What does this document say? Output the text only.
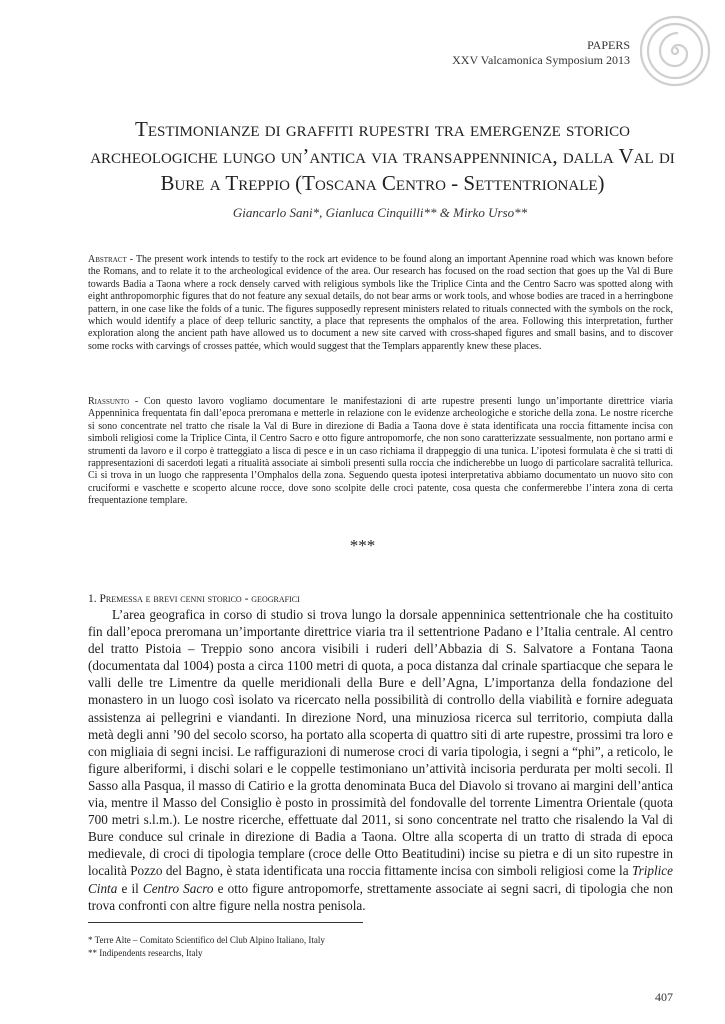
PAPERS
XXV Valcamonica Symposium 2013
Testimonianze di graffiti rupestri tra emergenze storico archeologiche lungo un’antica via transappenninica, dalla Val di Bure a Treppio (Toscana Centro - Settentrionale)
Giancarlo Sani*, Gianluca Cinquilli** & Mirko Urso**
Abstract - The present work intends to testify to the rock art evidence to be found along an important Apennine road which was known before the Romans, and to relate it to the archeological evidence of the area. Our research has focused on the road section that goes up the Val di Bure towards Badia a Taona where a rock densely carved with religious symbols like the Triplice Cinta and the Centro Sacro was spotted along with eight anthropomorphic figures that do not feature any sexual details, do not bear arms or work tools, and whose bodies are traced in a herringbone pattern, in one case like the folds of a tunic. The figures supposedly represent ministers related to rituals connected with the symbols on the rock, which would identify a place of deep telluric sanctity, a place that represents the omphalos of the area. Following this interpretation, further exploration along the ancient path have allowed us to document a new site carved with cross-shaped figures and small basins, and to discover some rocks with carvings of crosses pattée, which would suggest that the Templars apparently knew these places.
Riassunto - Con questo lavoro vogliamo documentare le manifestazioni di arte rupestre presenti lungo un’importante direttrice viaria Appenninica frequentata fin dall’epoca preromana e metterle in relazione con le evidenze archeologiche e storiche della zona. Le nostre ricerche si sono concentrate nel tratto che risale la Val di Bure in direzione di Badia a Taona dove è stata identificata una roccia fittamente incisa con simboli religiosi come la Triplice Cinta, il Centro Sacro e otto figure antropomorfe, che non sono caratterizzate sessualmente, non portano armi e strumenti da lavoro e il corpo è tratteggiato a lisca di pesce e in un caso richiama il drappeggio di una tunica. L’ipotesi formulata è che si tratti di rappresentazioni di sacerdoti legati a ritualità associate ai simboli presenti sulla roccia che indicherebbe un luogo di particolare sacralità tellurica. Ci si trova in un luogo che rappresenta l’Omphalos della zona. Seguendo questa ipotesi interpretativa abbiamo documentato un nuovo sito con cruciformi e vaschette e scoperto alcune rocce, dove sono scolpite delle croci patente, cosa questa che confermerebbe l’intera zona di certa frequentazione templare.
***
1. Premessa e brevi cenni storico - geografici

L’area geografica in corso di studio si trova lungo la dorsale appenninica settentrionale che ha costituito fin dall’epoca preromana un’importante direttrice viaria tra il settentrione Padano e l’Italia centrale. Al centro del tratto Pistoia – Treppio sono ancora visibili i ruderi dell’Abbazia di S. Salvatore a Fontana Taona (documentata dal 1004) posta a circa 1100 metri di quota, a poca distanza dal crinale spartiacque che separa le valli delle tre Limentre da quelle meridionali della Bure e dell’Agna, L’importanza della fondazione del monastero in un luogo così isolato va ricercato nella possibilità di controllo della viabilità e fornire adeguata assistenza ai pellegrini e viandanti. In direzione Nord, una minuziosa ricerca sul territorio, compiuta dalla metà degli anni ’90 del secolo scorso, ha portato alla scoperta di quattro siti di arte rupestre, prossimi tra loro e con migliaia di segni incisi. Le raffigurazioni di numerose croci di varia tipologia, i segni a “phi”, a reticolo, le figure alberiformi, i dischi solari e le coppelle testimoniano un’attività incisoria perdurata per molti secoli. Il Sasso alla Pasqua, il masso di Catirio e la grotta denominata Buca del Diavolo si trovano ai margini dell’antica via, mentre il Masso del Consiglio è posto in prossimità del fondovalle del torrente Limentra Orientale (quota 700 metri s.l.m.). Le nostre ricerche, effettuate dal 2011, si sono concentrate nel tratto che risalendo la Val di Bure conduce sul crinale in direzione di Badia a Taona. Oltre alla scoperta di un tratto di strada di epoca medievale, di croci di tipologia templare (croce delle Otto Beatitudini) incise su pietra e di un sito rupestre in località Pozzo del Bagno, è stata identificata una roccia fittamente incisa con simboli religiosi come la Triplice Cinta e il Centro Sacro e otto figure antropomorfe, strettamente associate ai segni sacri, di tipologia che non trova confronti con altre figure nella nostra penisola.

* Terre Alte – Comitato Scientifico del Club Alpino Italiano, Italy
** Indipendents researchs, Italy
407
